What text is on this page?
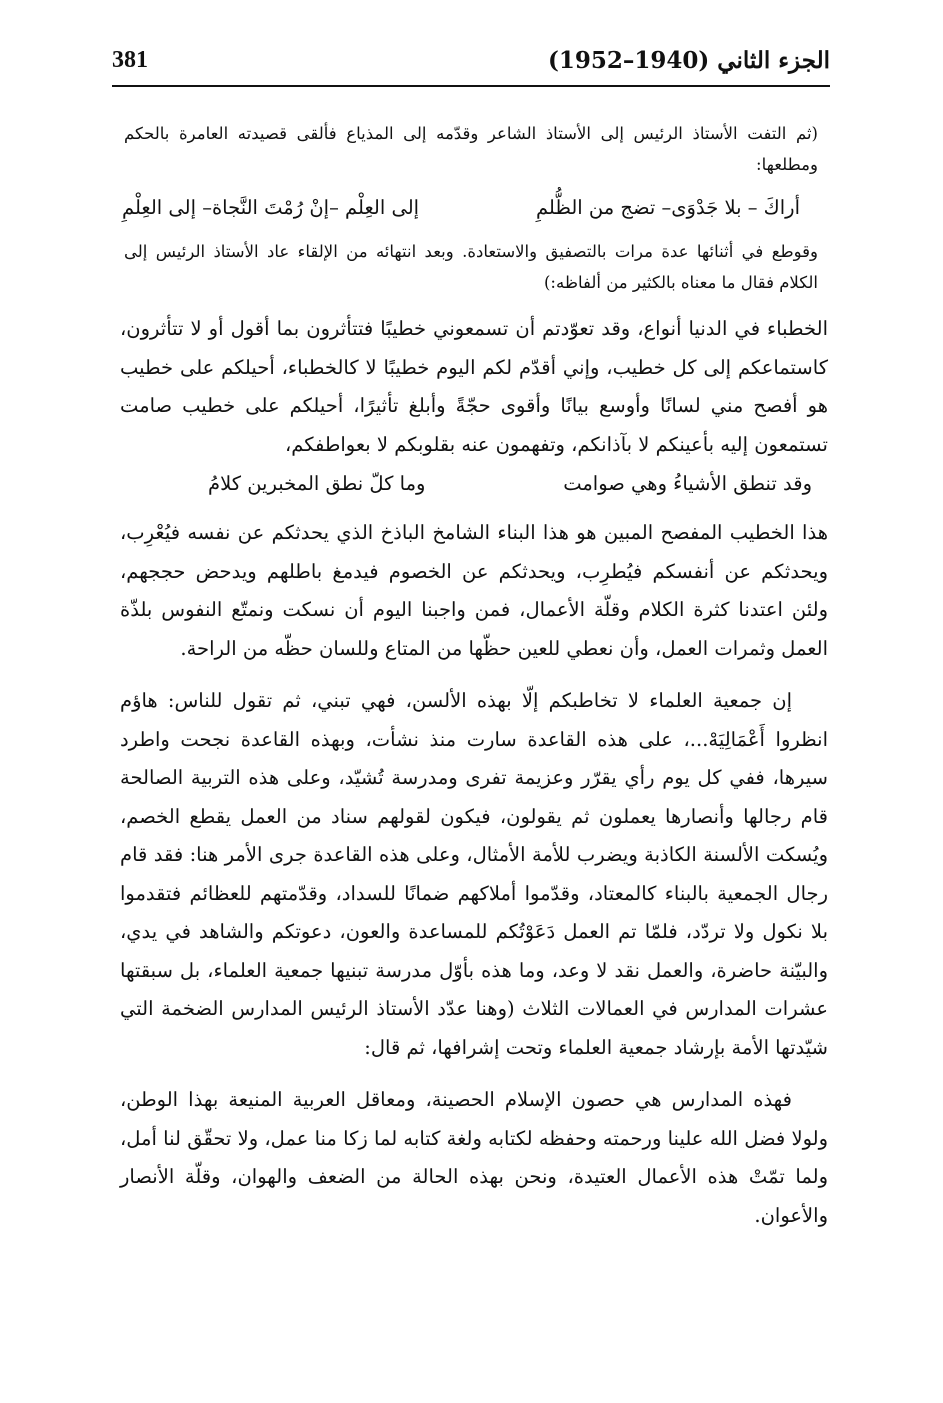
الجزء الثاني (1940–1952)
381

(ثم التفت الأستاذ الرئيس إلى الأستاذ الشاعر وقدّمه إلى المذياع فألقى قصيدته العامرة بالحكم ومطلعها:

أراكَ – بلا جَدْوَى– تضج من الظُّلمِ
إلى العِلْم –إنْ رُمْتَ النَّجاة– إلى العِلْمِ

وقوطع في أثنائها عدة مرات بالتصفيق والاستعادة. وبعد انتهائه من الإلقاء عاد الأستاذ الرئيس إلى الكلام فقال ما معناه بالكثير من ألفاظه:)

الخطباء في الدنيا أنواع، وقد تعوّدتم أن تسمعوني خطيبًا فتتأثرون بما أقول أو لا تتأثرون، كاستماعكم إلى كل خطيب، وإني أقدّم لكم اليوم خطيبًا لا كالخطباء، أحيلكم على خطيب هو أفصح مني لسانًا وأوسع بيانًا وأقوى حجّةً وأبلغ تأثيرًا، أحيلكم على خطيب صامت تستمعون إليه بأعينكم لا بآذانكم، وتفهمون عنه بقلوبكم لا بعواطفكم،

وقد تنطق الأشياءُ وهي صوامت
وما كلّ نطق المخبرين كلامُ

هذا الخطيب المفصح المبين هو هذا البناء الشامخ الباذخ الذي يحدثكم عن نفسه فيُعْرِب، ويحدثكم عن أنفسكم فيُطرِب، ويحدثكم عن الخصوم فيدمغ باطلهم ويدحض حججهم، ولئن اعتدنا كثرة الكلام وقلّة الأعمال، فمن واجبنا اليوم أن نسكت ونمتّع النفوس بلذّة العمل وثمرات العمل، وأن نعطي للعين حظّها من المتاع وللسان حظّه من الراحة.

إن جمعية العلماء لا تخاطبكم إلّا بهذه الألسن، فهي تبني، ثم تقول للناس: هاؤم انظروا أَعْمَالِيَهْ...، على هذه القاعدة سارت منذ نشأت، وبهذه القاعدة نجحت واطرد سيرها، ففي كل يوم رأي يقرّر وعزيمة تفرى ومدرسة تُشيّد، وعلى هذه التربية الصالحة قام رجالها وأنصارها يعملون ثم يقولون، فيكون لقولهم سناد من العمل يقطع الخصم، ويُسكت الألسنة الكاذبة ويضرب للأمة الأمثال، وعلى هذه القاعدة جرى الأمر هنا: فقد قام رجال الجمعية بالبناء كالمعتاد، وقدّموا أملاكهم ضمانًا للسداد، وقدّمتهم للعظائم فتقدموا بلا نكول ولا تردّد، فلمّا تم العمل دَعَوْتُكم للمساعدة والعون، دعوتكم والشاهد في يدي، والبيّنة حاضرة، والعمل نقد لا وعد، وما هذه بأوّل مدرسة تبنيها جمعية العلماء، بل سبقتها عشرات المدارس في العمالات الثلاث (وهنا عدّد الأستاذ الرئيس المدارس الضخمة التي شيّدتها الأمة بإرشاد جمعية العلماء وتحت إشرافها، ثم قال:

فهذه المدارس هي حصون الإسلام الحصينة، ومعاقل العربية المنيعة بهذا الوطن، ولولا فضل الله علينا ورحمته وحفظه لكتابه ولغة كتابه لما زكا منا عمل، ولا تحقّق لنا أمل، ولما تمّتْ هذه الأعمال العتيدة، ونحن بهذه الحالة من الضعف والهوان، وقلّة الأنصار والأعوان.
